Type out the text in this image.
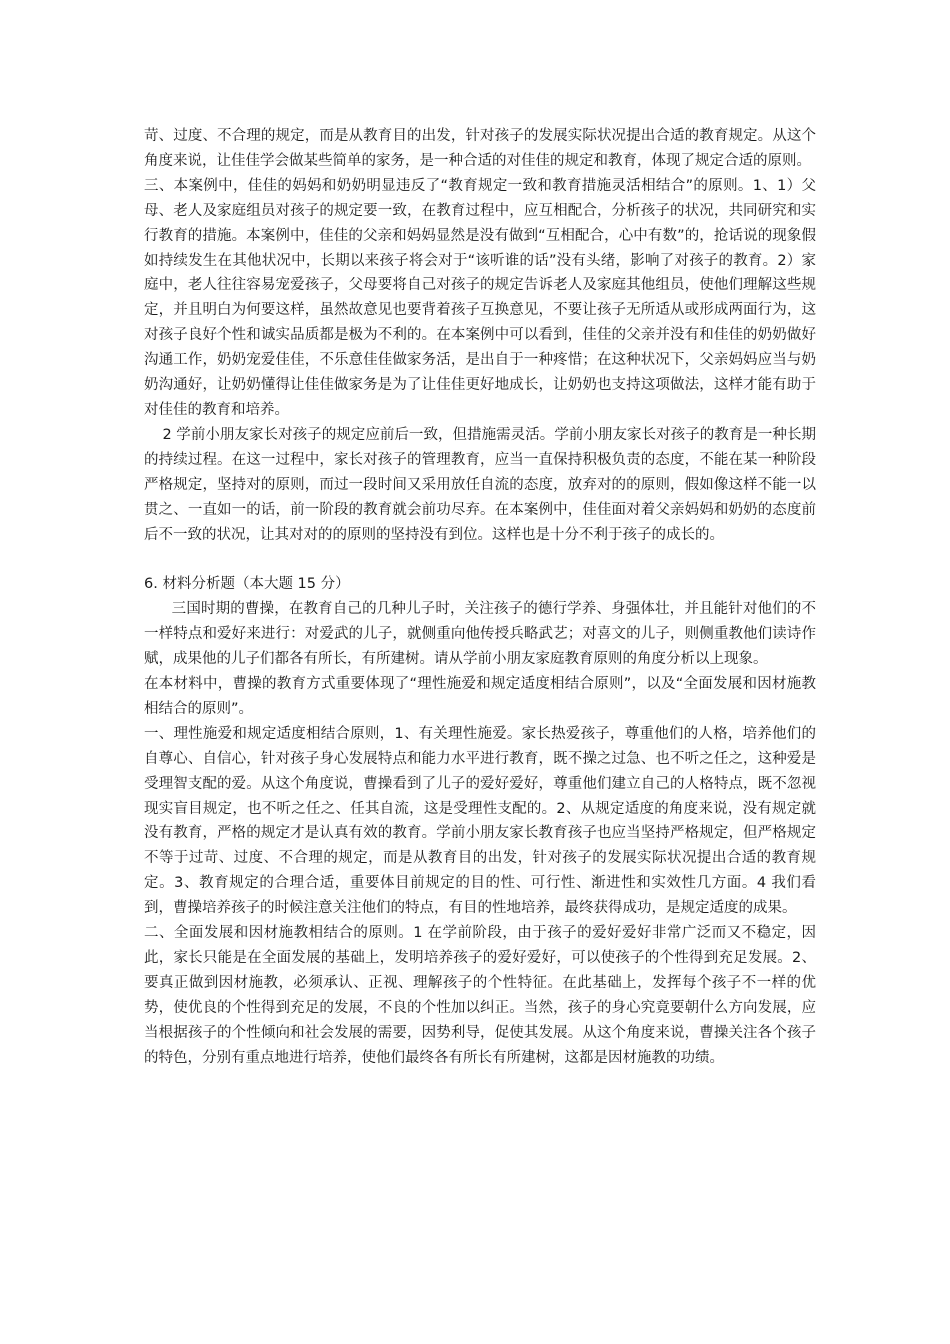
苛、过度、不合理的规定，而是从教育目的出发，针对孩子的发展实际状况提出合适的教育规定。从这个角度来说，让佳佳学会做某些简单的家务，是一种合适的对佳佳的规定和教育，体现了规定合适的原则。

三、本案例中，佳佳的妈妈和奶奶明显违反了“教育规定一致和教育措施灵活相结合”的原则。1、1）父母、老人及家庭组员对孩子的规定要一致，在教育过程中，应互相配合，分析孩子的状况，共同研究和实行教育的措施。本案例中，佳佳的父亲和妈妈显然是没有做到“互相配合，心中有数”的，抢话说的现象假如持续发生在其他状况中，长期以来孩子将会对于“该听谁的话”没有头绪，影响了对孩子的教育。2）家庭中，老人往往容易宠爱孩子，父母要将自己对孩子的规定告诉老人及家庭其他组员，使他们理解这些规定，并且明白为何要这样，虽然故意见也要背着孩子互换意见，不要让孩子无所适从或形成两面行为，这对孩子良好个性和诚实品质都是极为不利的。在本案例中可以看到，佳佳的父亲并没有和佳佳的奶奶做好沟通工作，奶奶宠爱佳佳，不乐意佳佳做家务活，是出自于一种疼惜；在这种状况下，父亲妈妈应当与奶奶沟通好，让奶奶懂得让佳佳做家务是为了让佳佳更好地成长，让奶奶也支持这项做法，这样才能有助于对佳佳的教育和培养。

2 学前小朋友家长对孩子的规定应前后一致，但措施需灵活。学前小朋友家长对孩子的教育是一种长期的持续过程。在这一过程中，家长对孩子的管理教育，应当一直保持积极负责的态度，不能在某一种阶段严格规定，坚持对的原则，而过一段时间又采用放任自流的态度，放弃对的的原则，假如像这样不能一以贯之、一直如一的话，前一阶段的教育就会前功尽弃。在本案例中，佳佳面对着父亲妈妈和奶奶的态度前后不一致的状况，让其对对的的原则的坚持没有到位。这样也是十分不利于孩子的成长的。

6. 材料分析题（本大题 15 分）

三国时期的曹操，在教育自己的几种儿子时，关注孩子的德行学养、身强体壮，并且能针对他们的不一样特点和爱好来进行：对爱武的儿子，就侧重向他传授兵略武艺；对喜文的儿子，则侧重教他们读诗作赋，成果他的儿子们都各有所长，有所建树。请从学前小朋友家庭教育原则的角度分析以上现象。

在本材料中，曹操的教育方式重要体现了“理性施爱和规定适度相结合原则”，以及“全面发展和因材施教相结合的原则”。

一、理性施爱和规定适度相结合原则，1、有关理性施爱。家长热爱孩子，尊重他们的人格，培养他们的自尊心、自信心，针对孩子身心发展特点和能力水平进行教育，既不操之过急、也不听之任之，这种爱是受理智支配的爱。从这个角度说，曹操看到了儿子的爱好爱好，尊重他们建立自己的人格特点，既不忽视现实盲目规定，也不听之任之、任其自流，这是受理性支配的。2、从规定适度的角度来说，没有规定就没有教育，严格的规定才是认真有效的教育。学前小朋友家长教育孩子也应当坚持严格规定，但严格规定不等于过苛、过度、不合理的规定，而是从教育目的出发，针对孩子的发展实际状况提出合适的教育规定。3、教育规定的合理合适，重要体目前规定的目的性、可行性、渐进性和实效性几方面。4 我们看到，曹操培养孩子的时候注意关注他们的特点，有目的性地培养，最终获得成功，是规定适度的成果。

二、全面发展和因材施教相结合的原则。1 在学前阶段，由于孩子的爱好爱好非常广泛而又不稳定，因此，家长只能是在全面发展的基础上，发明培养孩子的爱好爱好，可以使孩子的个性得到充足发展。2、要真正做到因材施教，必须承认、正视、理解孩子的个性特征。在此基础上，发挥每个孩子不一样的优势，使优良的个性得到充足的发展，不良的个性加以纠正。当然，孩子的身心究竟要朝什么方向发展，应当根据孩子的个性倾向和社会发展的需要，因势利导，促使其发展。从这个角度来说，曹操关注各个孩子的特色，分别有重点地进行培养，使他们最终各有所长有所建树，这都是因材施教的功绩。
